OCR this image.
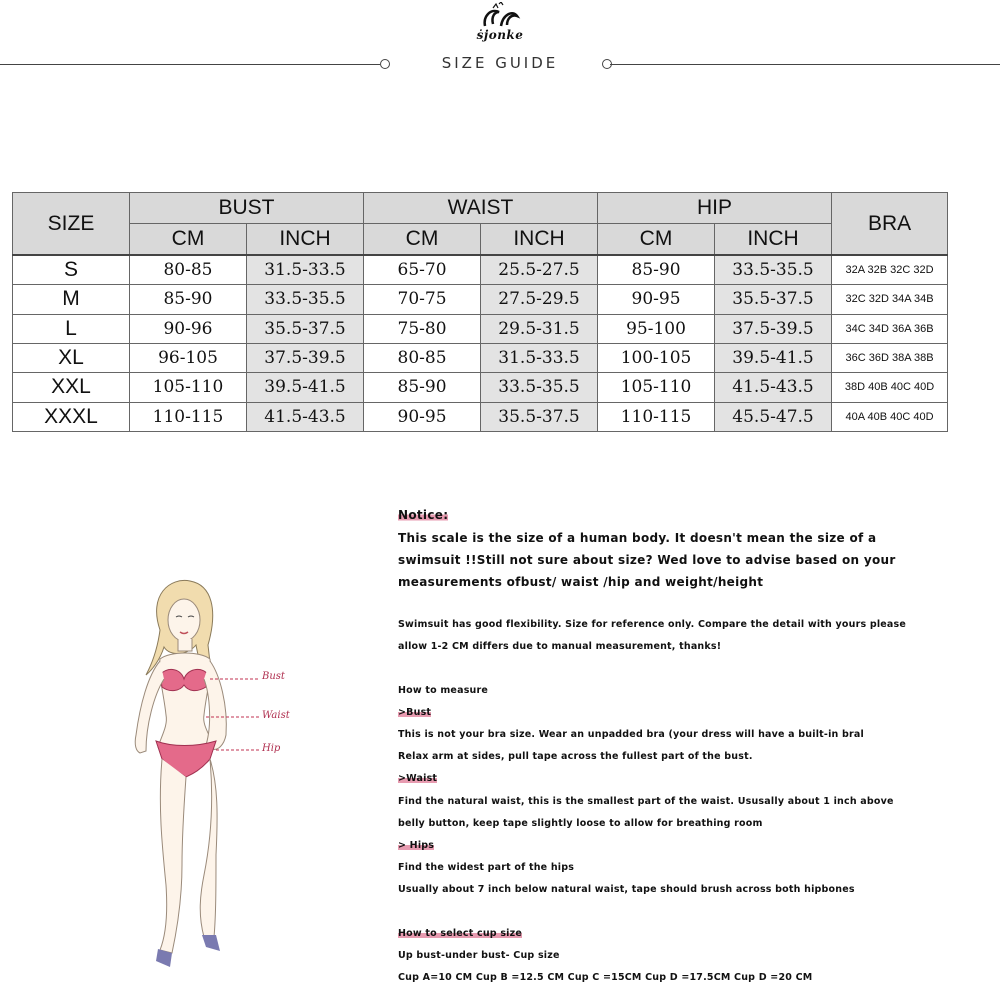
ṡjonke
SIZE GUIDE
SIZE	BUST		WAIST		HIP		BRA
	CM	INCH	CM	INCH	CM	INCH	
S	80-85	31.5-33.5	65-70	25.5-27.5	85-90	33.5-35.5	32A 32B 32C 32D
M	85-90	33.5-35.5	70-75	27.5-29.5	90-95	35.5-37.5	32C 32D 34A 34B
L	90-96	35.5-37.5	75-80	29.5-31.5	95-100	37.5-39.5	34C 34D 36A 36B
XL	96-105	37.5-39.5	80-85	31.5-33.5	100-105	39.5-41.5	36C 36D 38A 38B
XXL	105-110	39.5-41.5	85-90	33.5-35.5	105-110	41.5-43.5	38D 40B 40C 40D
XXXL	110-115	41.5-43.5	90-95	35.5-37.5	110-115	45.5-47.5	40A 40B 40C 40D
Bust
Waist
Hip
Notice:
This scale is the size of a human body. It doesn't mean the size of a
swimsuit !!Still not sure about size? Wed love to advise based on your
measurements ofbust/ waist /hip and weight/height
Swimsuit has good flexibility. Size for reference only. Compare the detail with yours please
allow 1-2 CM differs due to manual measurement, thanks!
How to measure
>Bust
This is not your bra size. Wear an unpadded bra (your dress will have a built-in bral
Relax arm at sides, pull tape across the fullest part of the bust.
>Waist
Find the natural waist, this is the smallest part of the waist. Ususally about 1 inch above
belly button, keep tape slightly loose to allow for breathing room
> Hips
Find the widest part of the hips
Usually about 7 inch below natural waist, tape should brush across both hipbones
How to select cup size
Up bust-under bust- Cup size
Cup A=10 CM Cup B =12.5 CM Cup C =15CM Cup D =17.5CM Cup D =20 CM
